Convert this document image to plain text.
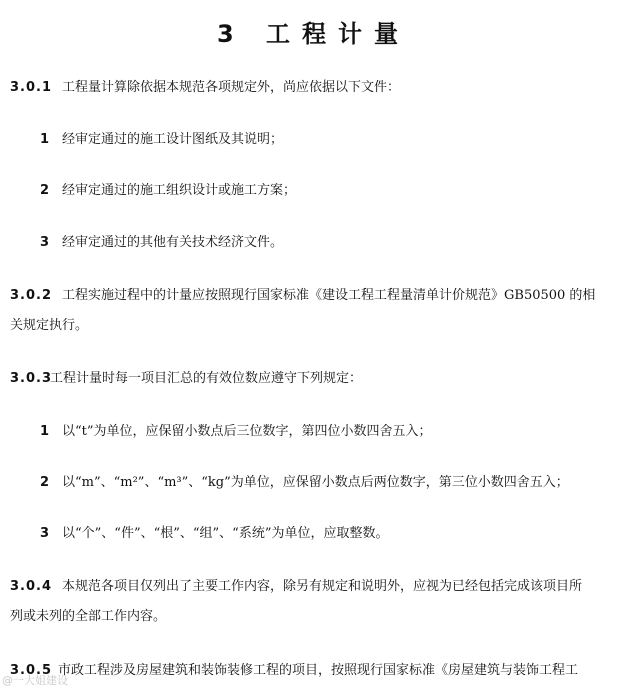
3 工程计量
3.0.1 工程量计算除依据本规范各项规定外，尚应依据以下文件：
1 经审定通过的施工设计图纸及其说明；
2 经审定通过的施工组织设计或施工方案；
3 经审定通过的其他有关技术经济文件。
3.0.2 工程实施过程中的计量应按照现行国家标准《建设工程工程量清单计价规范》GB50500 的相
关规定执行。
3.0.3
工程计量时每一项目汇总的有效位数应遵守下列规定：
1 以“t”为单位，应保留小数点后三位数字，第四位小数四舍五入；
2 以“m”、“m²”、“m³”、“kg”为单位，应保留小数点后两位数字，第三位小数四舍五入；
3 以“个”、“件”、“根”、“组”、“系统”为单位，应取整数。
3.0.4 本规范各项目仅列出了主要工作内容，除另有规定和说明外，应视为已经包括完成该项目所
列或未列的全部工作内容。
3.0.5 市政工程涉及房屋建筑和装饰装修工程的项目，按照现行国家标准《房屋建筑与装饰工程工
@一大姐建设
